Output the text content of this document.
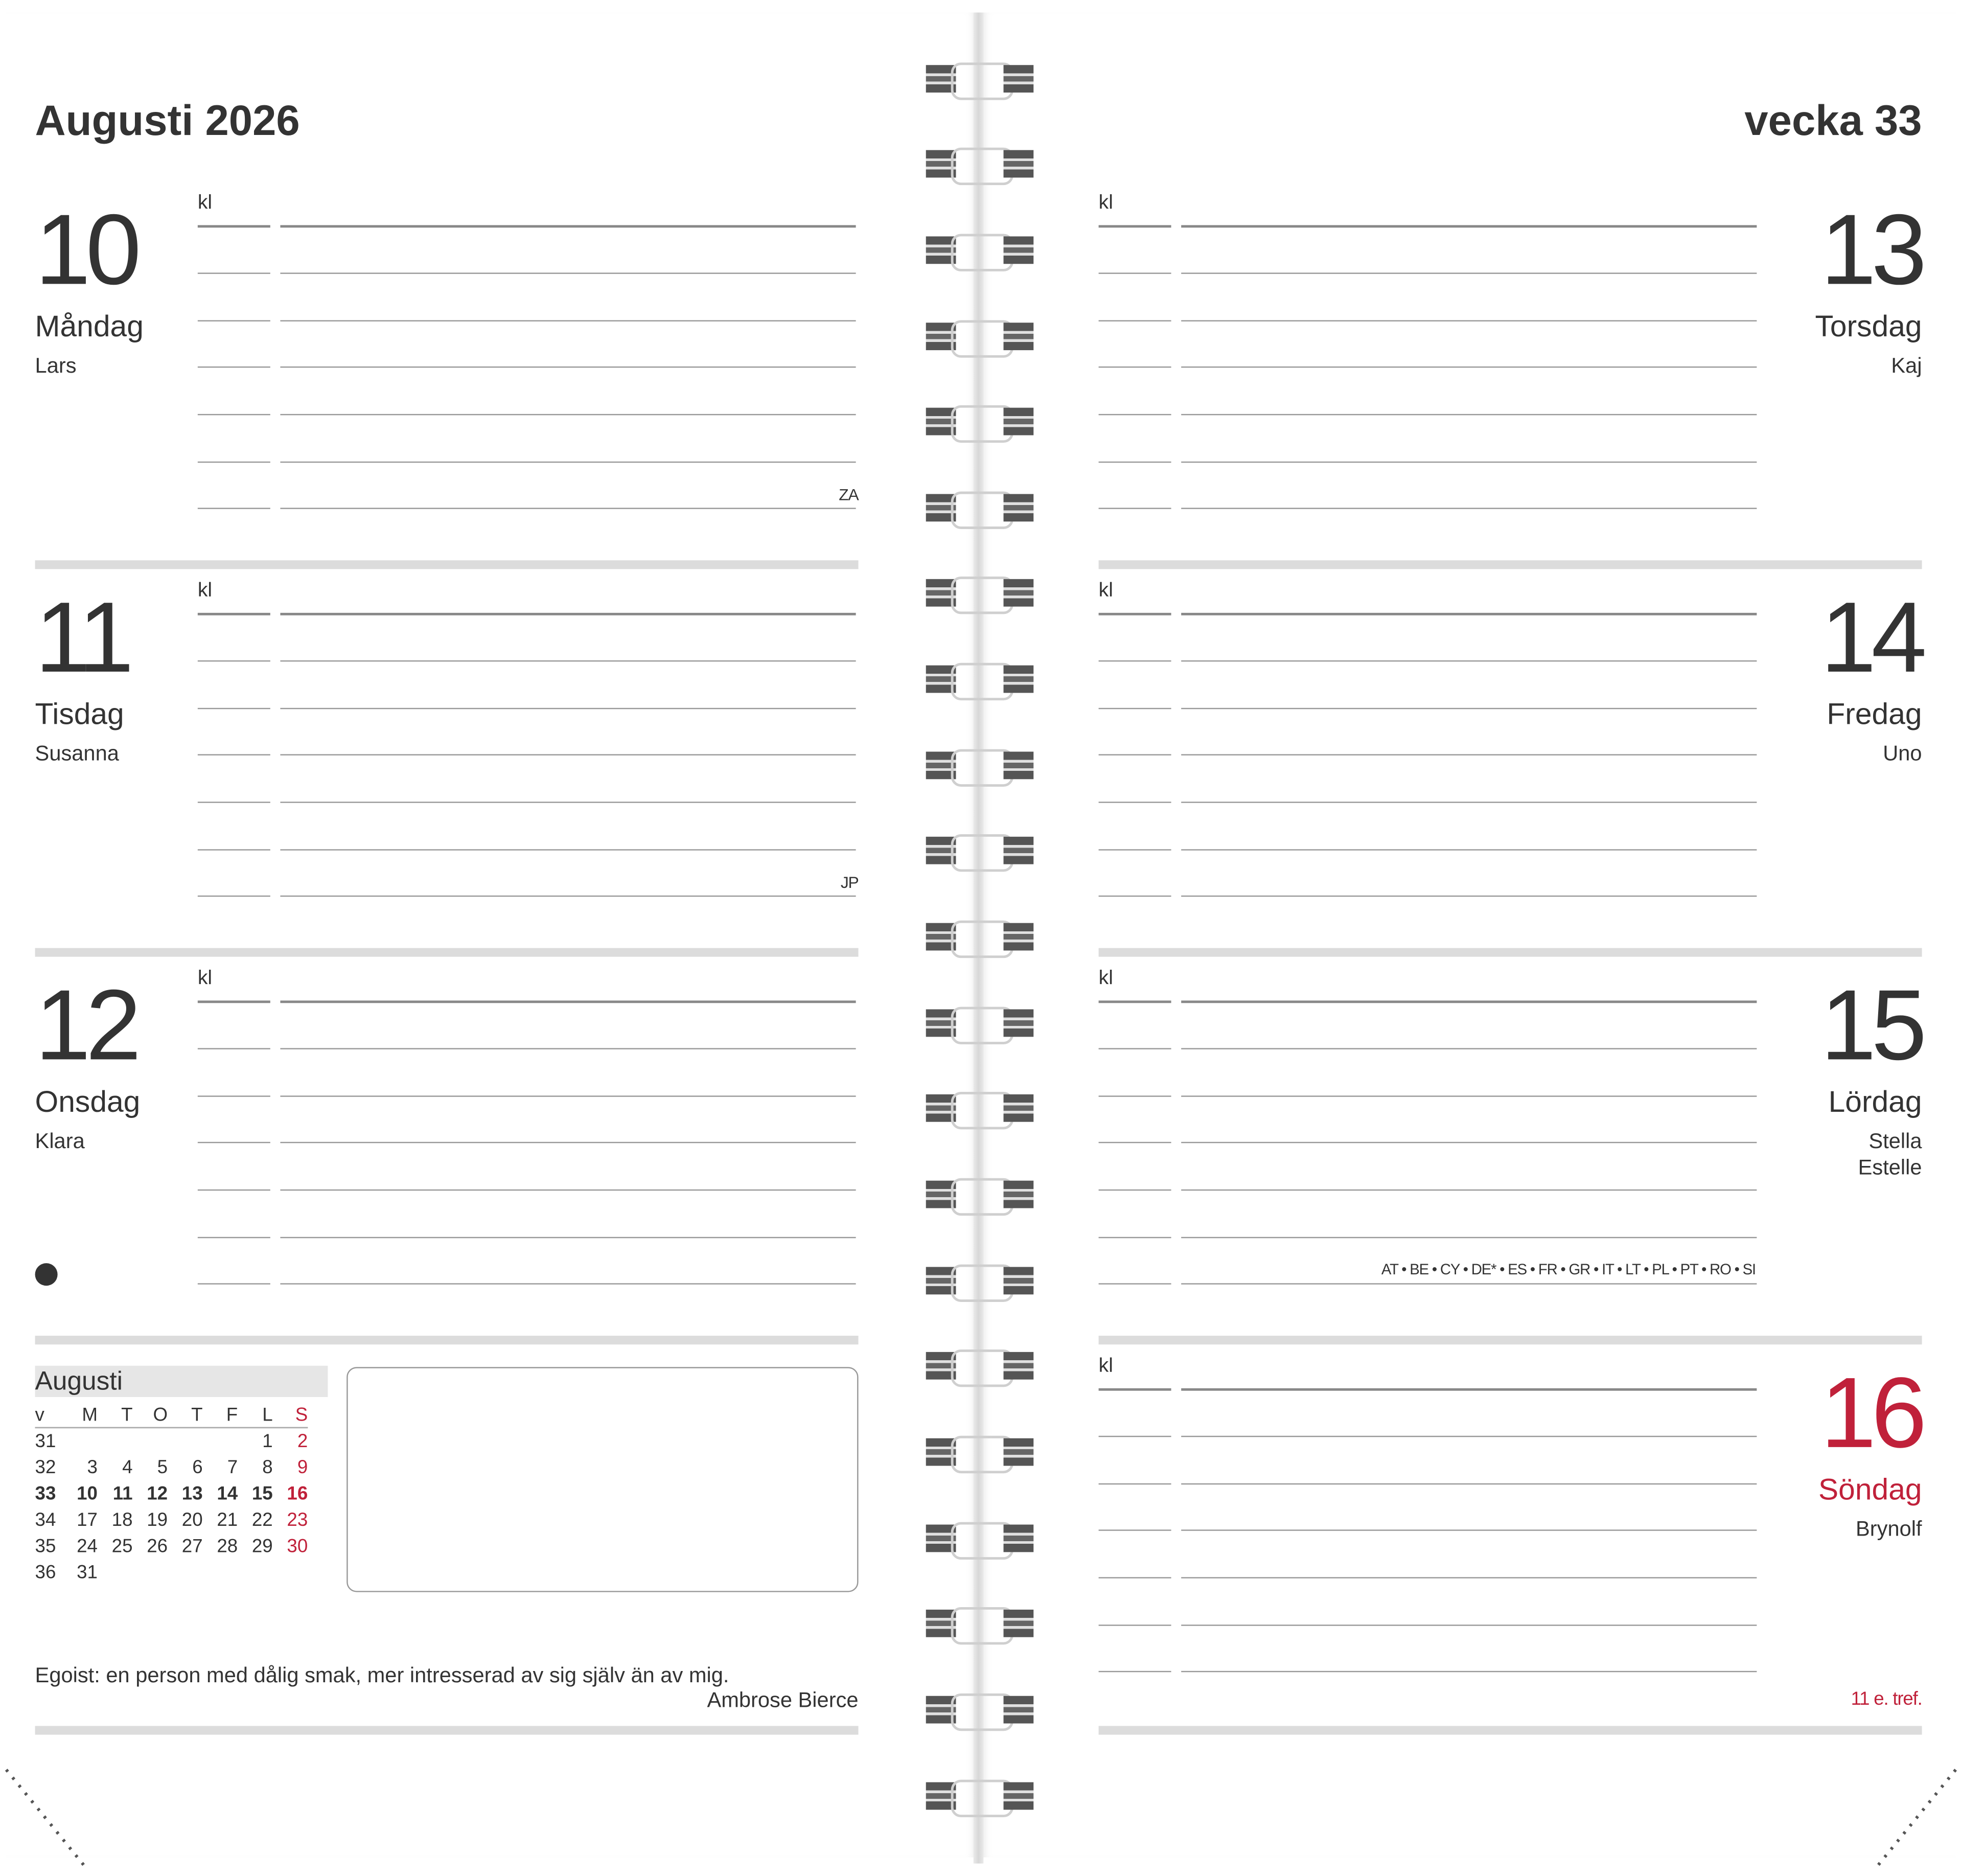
Augusti 2026	vecka 33
10
Måndag
Lars
kl
ZA
11
Tisdag
Susanna
kl
JP
12
Onsdag
Klara
kl
13
Torsdag
Kaj
kl
14
Fredag
Uno
kl
15
Lördag
Stella
Estelle
kl
AT • BE • CY • DE* • ES • FR • GR • IT • LT • PL • PT • RO • SI
16
Söndag
Brynolf
kl
11 e. tref.
Augusti
v	M	T	O	T	F	L	S
31						1	2
32	3	4	5	6	7	8	9
33	10	11	12	13	14	15	16
34	17	18	19	20	21	22	23
35	24	25	26	27	28	29	30
36	31						
Egoist: en person med dålig smak, mer intresserad av sig själv än av mig.
Ambrose Bierce
